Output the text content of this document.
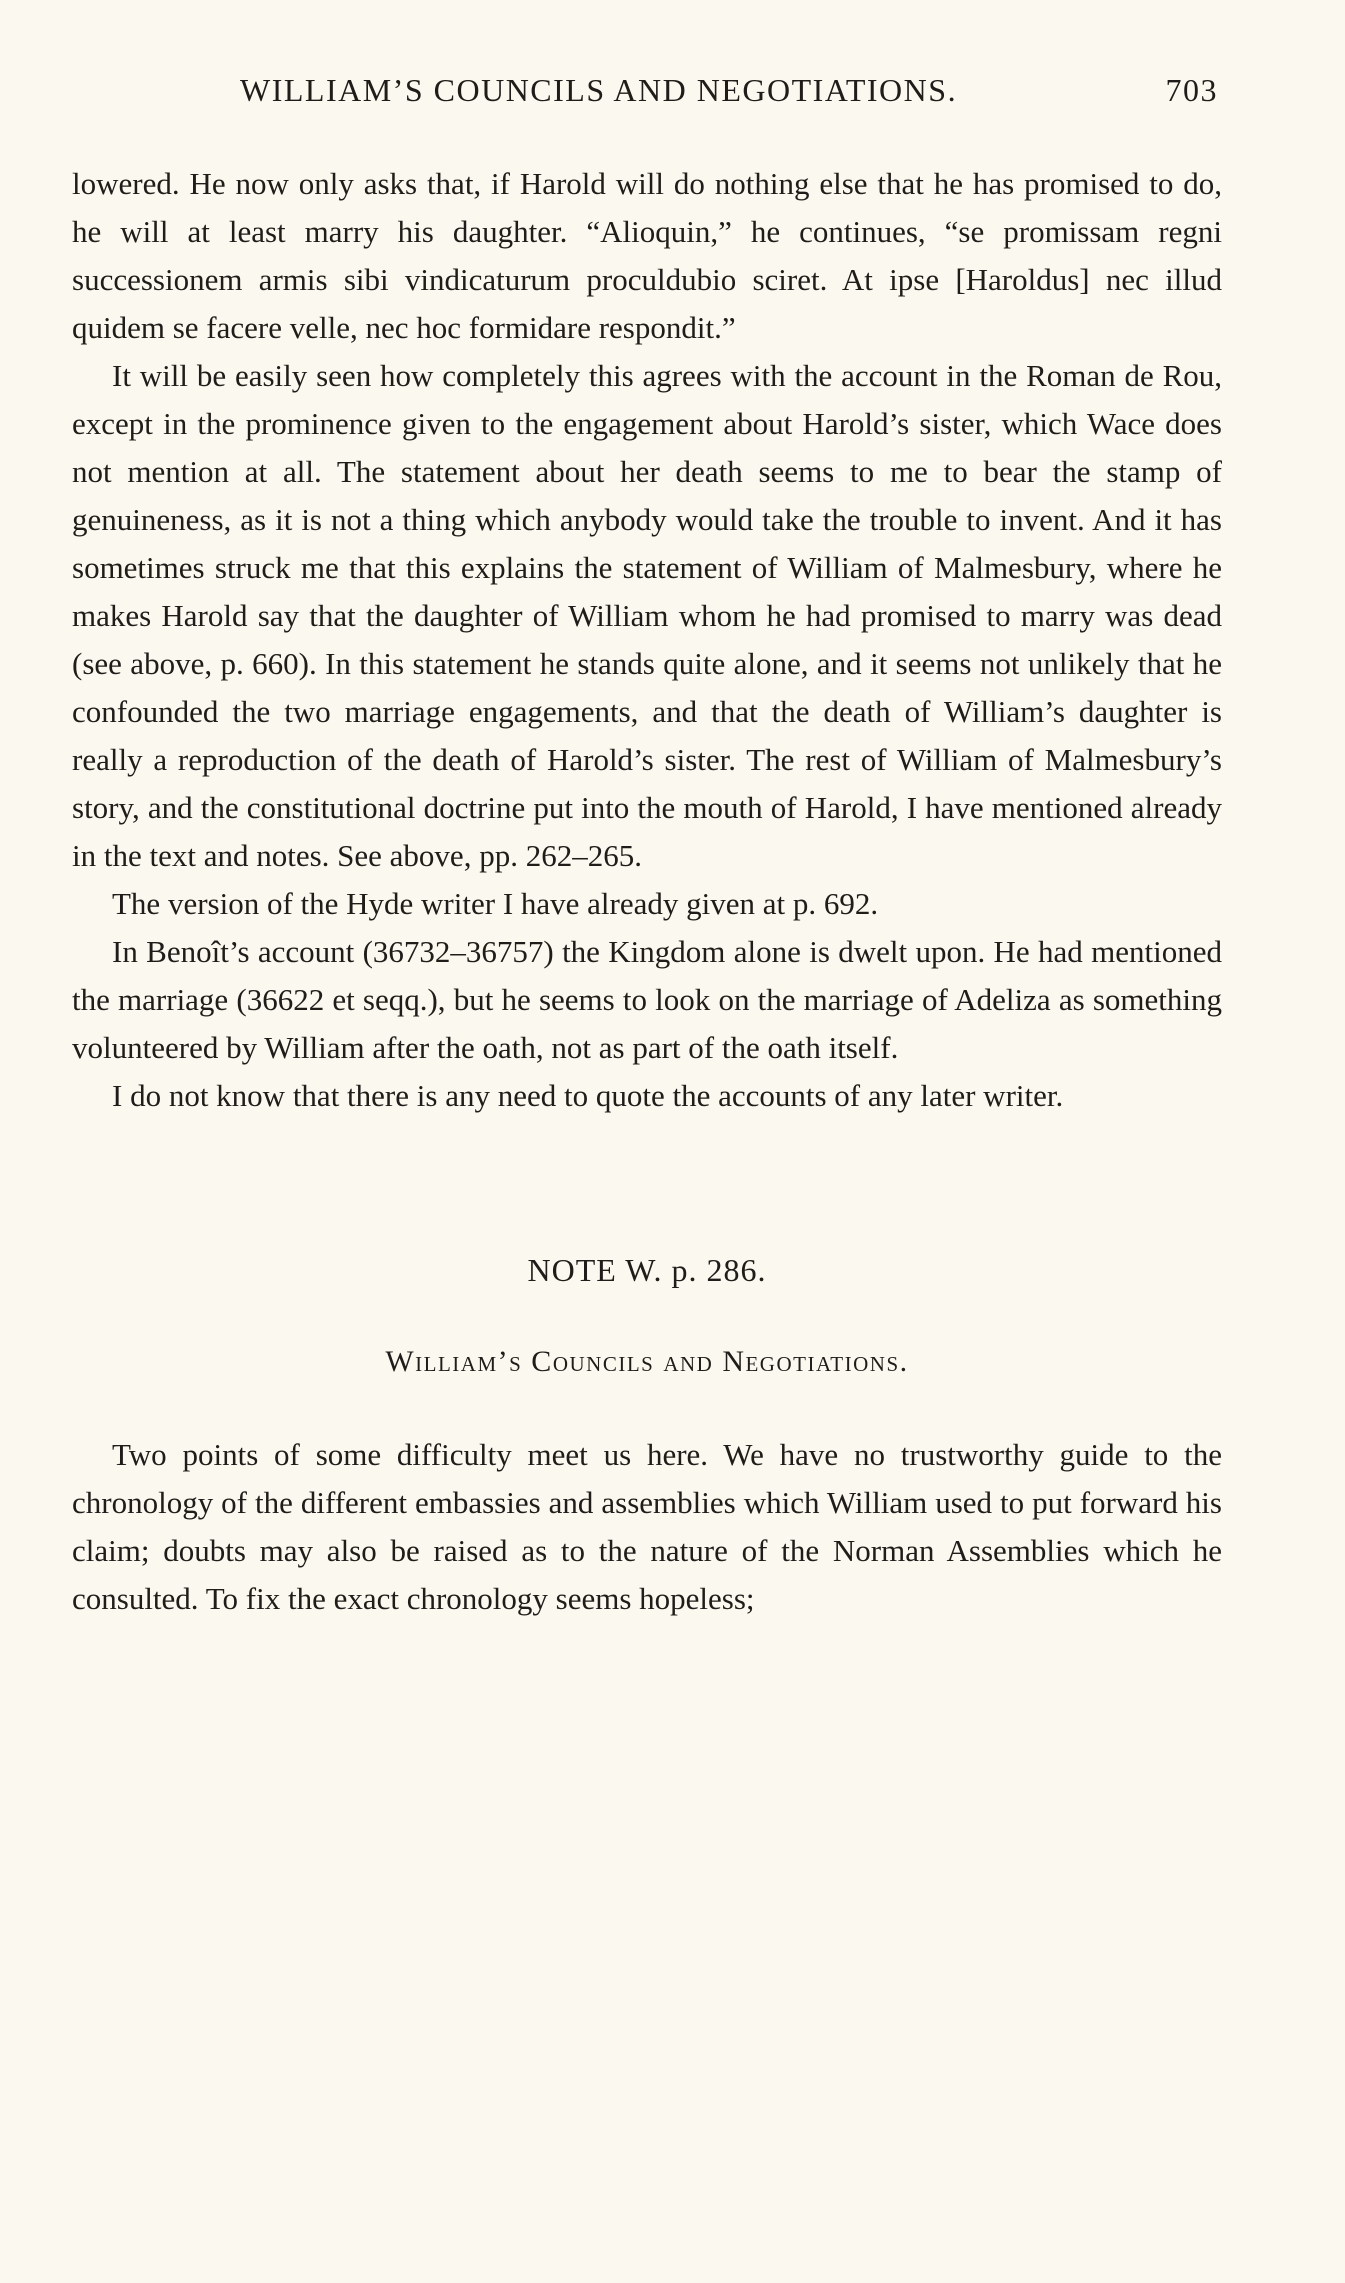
WILLIAM’S COUNCILS AND NEGOTIATIONS.	703

lowered. He now only asks that, if Harold will do nothing else that he has promised to do, he will at least marry his daughter. “Alioquin,” he continues, “se promissam regni successionem armis sibi vindicaturum proculdubio sciret. At ipse [Haroldus] nec illud quidem se facere velle, nec hoc formidare respondit.”

It will be easily seen how completely this agrees with the account in the Roman de Rou, except in the prominence given to the engagement about Harold’s sister, which Wace does not mention at all. The statement about her death seems to me to bear the stamp of genuineness, as it is not a thing which anybody would take the trouble to invent. And it has sometimes struck me that this explains the statement of William of Malmesbury, where he makes Harold say that the daughter of William whom he had promised to marry was dead (see above, p. 660). In this statement he stands quite alone, and it seems not unlikely that he confounded the two marriage engagements, and that the death of William’s daughter is really a reproduction of the death of Harold’s sister. The rest of William of Malmesbury’s story, and the constitutional doctrine put into the mouth of Harold, I have mentioned already in the text and notes. See above, pp. 262–265.

The version of the Hyde writer I have already given at p. 692.

In Benoît’s account (36732–36757) the Kingdom alone is dwelt upon. He had mentioned the marriage (36622 et seqq.), but he seems to look on the marriage of Adeliza as something volunteered by William after the oath, not as part of the oath itself.

I do not know that there is any need to quote the accounts of any later writer.

NOTE W. p. 286.
William’s Councils and Negotiations.

Two points of some difficulty meet us here. We have no trustworthy guide to the chronology of the different embassies and assemblies which William used to put forward his claim; doubts may also be raised as to the nature of the Norman Assemblies which he consulted. To fix the exact chronology seems hopeless;
